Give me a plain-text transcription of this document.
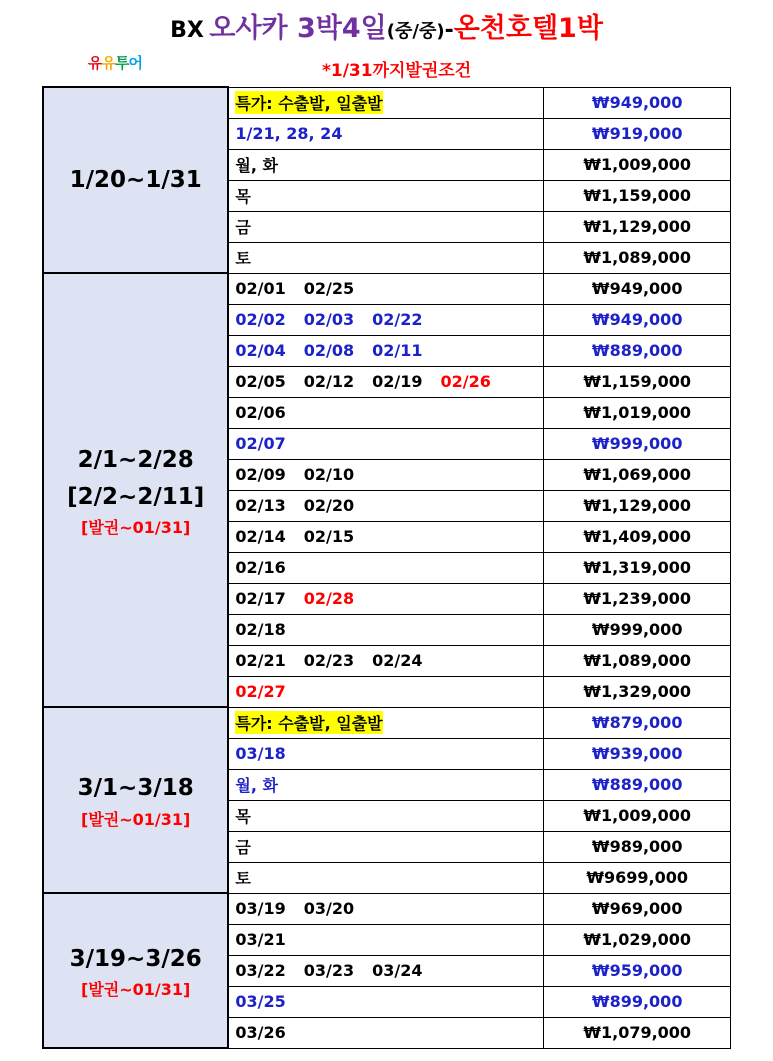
BX 오사카 3박4일(중/중)-온천호텔1박
유유투어	*1/31까지발권조건
1/20~1/31	특가: 수출발, 일출발	₩949,000
	1/21, 28, 24	₩919,000
	월, 화	₩1,009,000
	목	₩1,159,000
	금	₩1,129,000
	토	₩1,089,000

2/1~2/28
[2/2~2/11]
[발권~01/31]	02/01 02/25	₩949,000
	02/02 02/03 02/22	₩949,000
	02/04 02/08 02/11	₩889,000
	02/05 02/12 02/19 02/26	₩1,159,000
	02/06	₩1,019,000
	02/07	₩999,000
	02/09 02/10	₩1,069,000
	02/13 02/20	₩1,129,000
	02/14 02/15	₩1,409,000
	02/16	₩1,319,000
	02/17 02/28	₩1,239,000
	02/18	₩999,000
	02/21 02/23 02/24	₩1,089,000
	02/27	₩1,329,000

3/1~3/18
[발권~01/31]	특가: 수출발, 일출발	₩879,000
	03/18	₩939,000
	월, 화	₩889,000
	목	₩1,009,000
	금	₩989,000
	토	₩9699,000

3/19~3/26
[발권~01/31]	03/19 03/20	₩969,000
	03/21	₩1,029,000
	03/22 03/23 03/24	₩959,000
	03/25	₩899,000
	03/26	₩1,079,000
